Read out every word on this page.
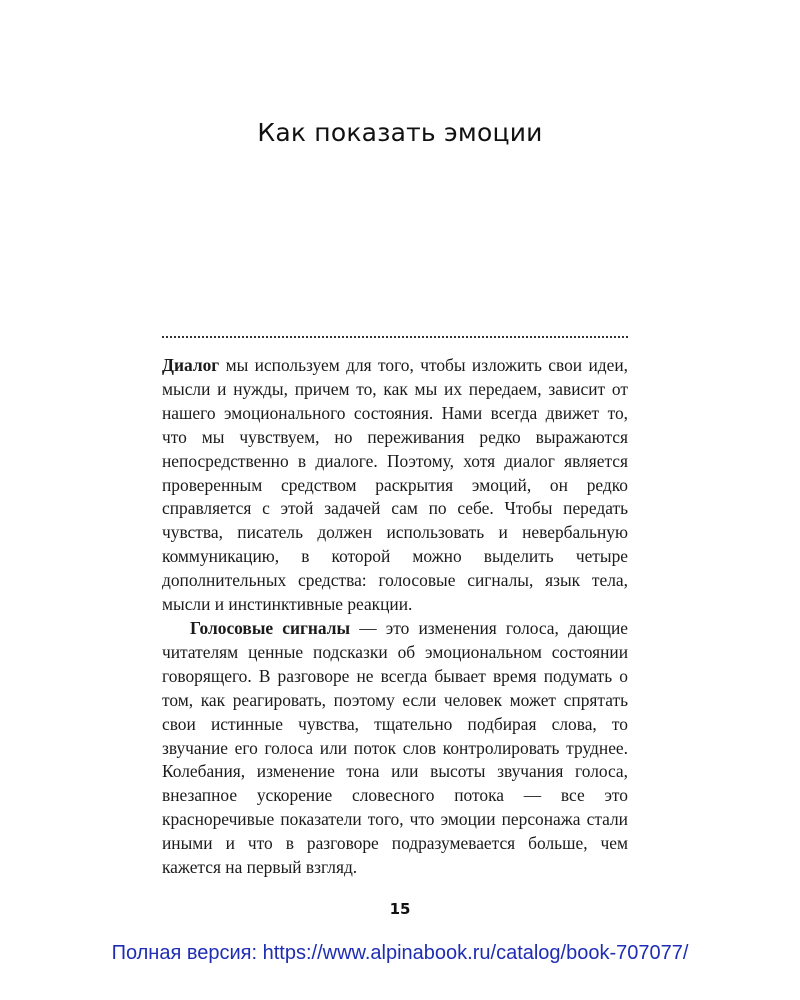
Как показать эмоции

Диалог мы используем для того, чтобы изложить свои идеи, мысли и нужды, причем то, как мы их передаем, зависит от нашего эмоционального состояния. Нами всегда движет то, что мы чувствуем, но переживания редко выражаются непосредственно в диалоге. Поэтому, хотя диалог является проверенным средством раскрытия эмоций, он редко справляется с этой задачей сам по себе. Чтобы передать чувства, писатель должен использовать и невербальную коммуникацию, в которой можно выделить четыре дополнительных средства: голосовые сигналы, язык тела, мысли и инстинктивные реакции.

Голосовые сигналы — это изменения голоса, дающие читателям ценные подсказки об эмоциональном состоянии говорящего. В разговоре не всегда бывает время подумать о том, как реагировать, поэтому если человек может спрятать свои истинные чувства, тщательно подбирая слова, то звучание его голоса или поток слов контролировать труднее. Колебания, изменение тона или высоты звучания голоса, внезапное ускорение словесного потока — все это красноречивые показатели того, что эмоции персонажа стали иными и что в разговоре подразумевается больше, чем кажется на первый взгляд.

15
Полная версия: https://www.alpinabook.ru/catalog/book-707077/
